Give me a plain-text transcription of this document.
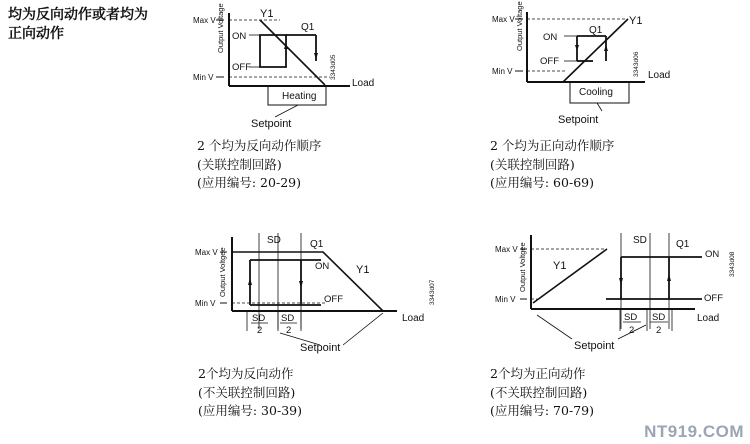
均为反向动作或者均为正向动作
Max V
Min V
Output Voltage	Y1
Q1
ON
OFF	3343d05
Load
Heating
Setpoint
2 个均为反向动作顺序
(关联控制回路)
(应用编号: 20-29)
Max V
Min V
Output Voltage	Y1
Q1
ON
OFF	3343d06 Load
Cooling
Setpoint
2 个均为正向动作顺序
(关联控制回路)
(应用编号: 60-69)
Max V
Min V
Output Voltgee
SD	Q1
ON
OFF
Y1
3343d07
Load
SD
2
SD
2
Setpoint
2个均为反向动作
(不关联控制回路)
(应用编号: 30-39)
Max V
Min V
Output Voltgee Y1
SD	Q1
ON
OFF
3343d08
Load
SD
2
SD
2
Setpoint
2个均为正向动作
(不关联控制回路)
(应用编号: 70-79)
NT919.COM
